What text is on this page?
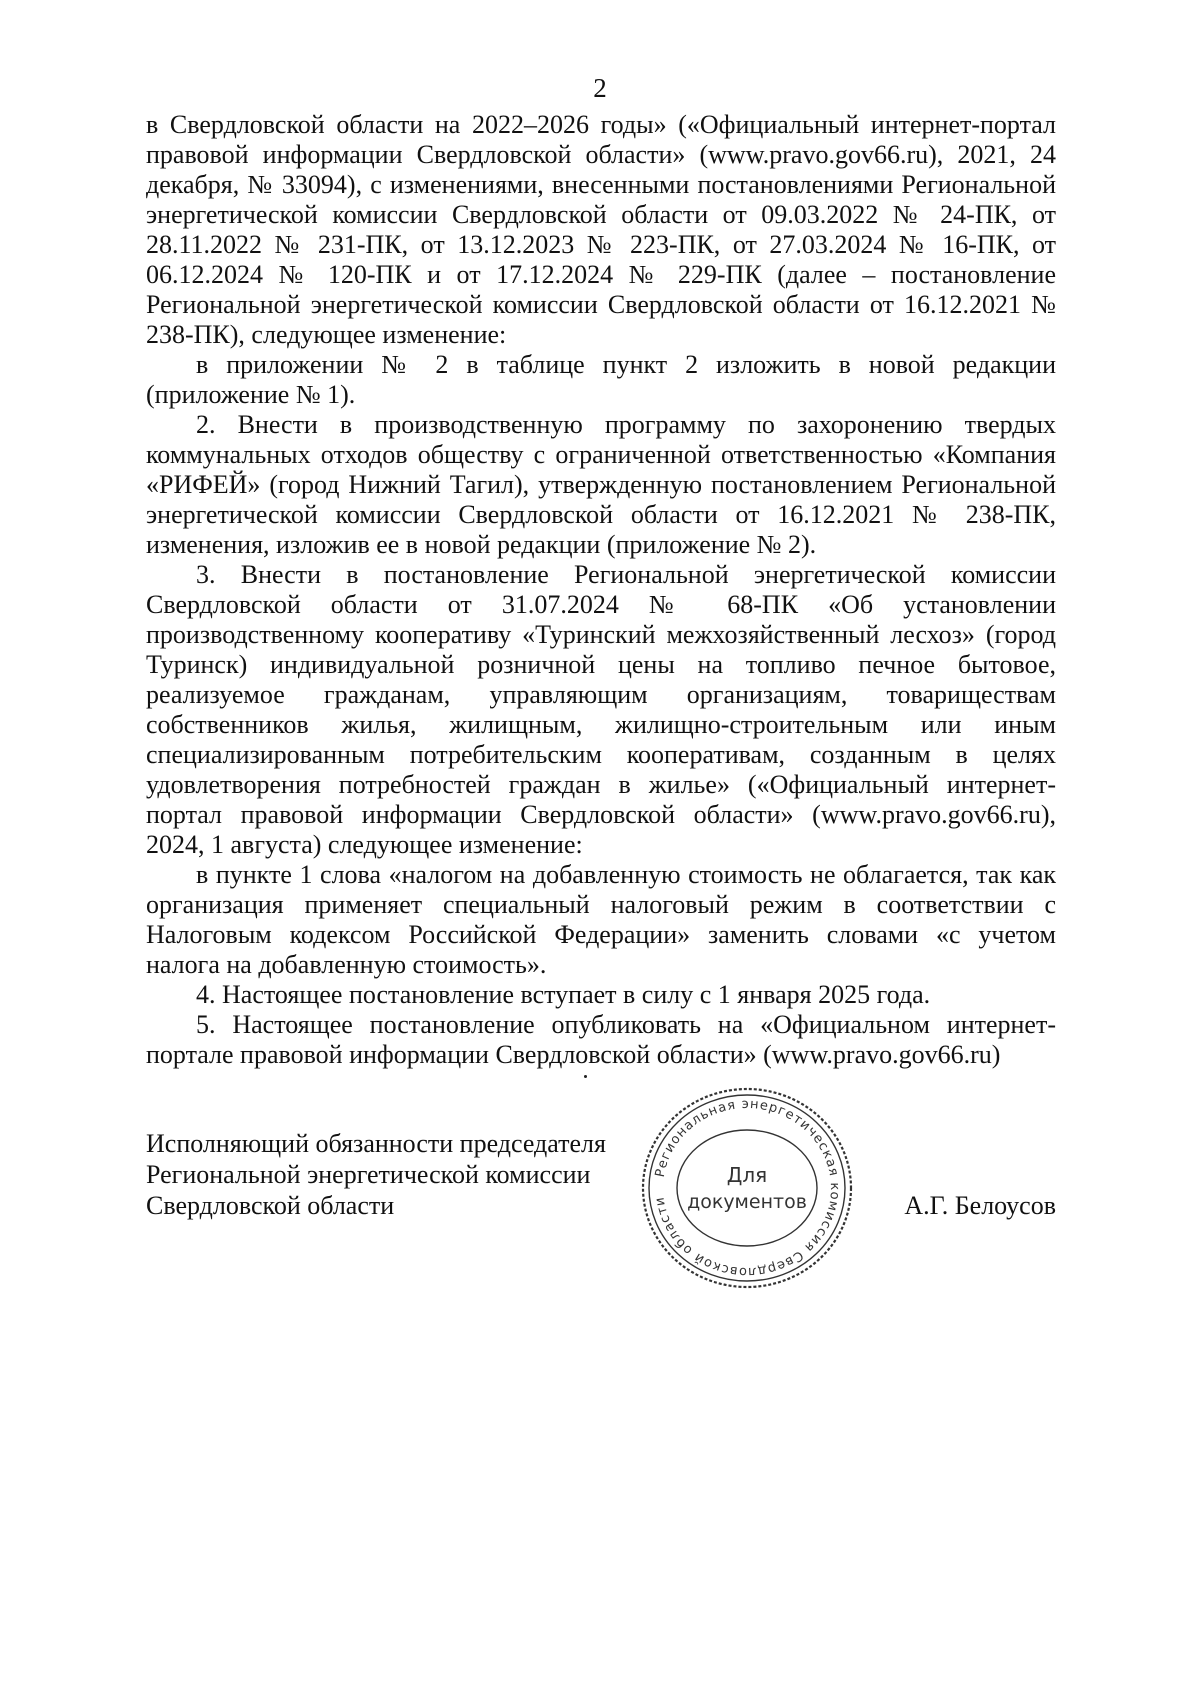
2

в Свердловской области на 2022–2026 годы» («Официальный интернет-портал правовой информации Свердловской области» (www.pravo.gov66.ru), 2021, 24 декабря, № 33094), с изменениями, внесенными постановлениями Региональной энергетической комиссии Свердловской области от 09.03.2022 № 24-ПК, от 28.11.2022 № 231-ПК, от 13.12.2023 № 223-ПК, от 27.03.2024 № 16-ПК, от 06.12.2024 № 120-ПК и от 17.12.2024 № 229-ПК (далее – постановление Региональной энергетической комиссии Свердловской области от 16.12.2021 № 238-ПК), следующее изменение:

в приложении № 2 в таблице пункт 2 изложить в новой редакции (приложение № 1).

2. Внести в производственную программу по захоронению твердых коммунальных отходов обществу с ограниченной ответственностью «Компания «РИФЕЙ» (город Нижний Тагил), утвержденную постановлением Региональной энергетической комиссии Свердловской области от 16.12.2021 № 238-ПК, изменения, изложив ее в новой редакции (приложение № 2).

3. Внести в постановление Региональной энергетической комиссии Свердловской области от 31.07.2024 № 68-ПК «Об установлении производственному кооперативу «Туринский межхозяйственный лесхоз» (город Туринск) индивидуальной розничной цены на топливо печное бытовое, реализуемое гражданам, управляющим организациям, товариществам собственников жилья, жилищным, жилищно-строительным или иным специализированным потребительским кооперативам, созданным в целях удовлетворения потребностей граждан в жилье» («Официальный интернет-портал правовой информации Свердловской области» (www.pravo.gov66.ru), 2024, 1 августа) следующее изменение:

в пункте 1 слова «налогом на добавленную стоимость не облагается, так как организация применяет специальный налоговый режим в соответствии с Налоговым кодексом Российской Федерации» заменить словами «с учетом налога на добавленную стоимость».

4. Настоящее постановление вступает в силу с 1 января 2025 года.

5. Настоящее постановление опубликовать на «Официальном интернет-портале правовой информации Свердловской области» (www.pravo.gov66.ru)

Исполняющий обязанности председателя
Региональной энергетической комиссии
Свердловской области
Региональная энергетическая комиссия Свердловской области
Для
документов	А.Г. Белоусов
